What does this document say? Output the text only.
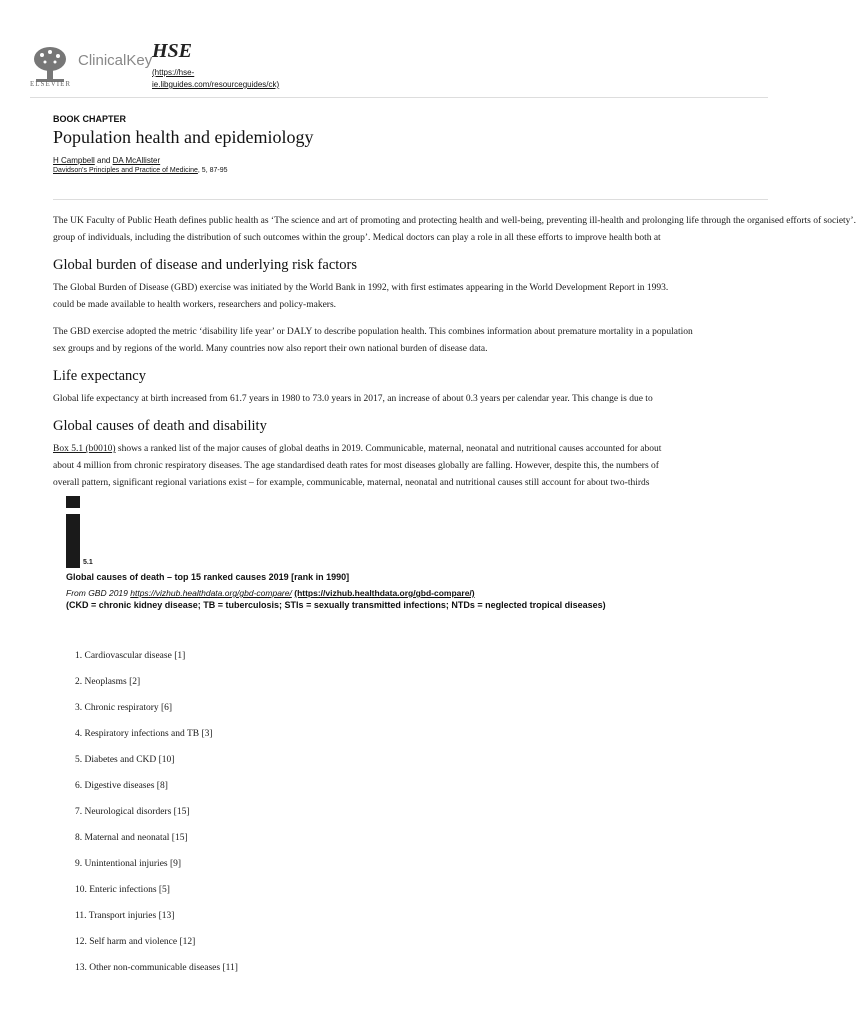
ELSEVIER
ClinicalKey HSE
(https://hse-ie.libguides.com/resourceguides/ck)
BOOK CHAPTER
Population health and epidemiology
H Campbell and DA McAllister
Davidson's Principles and Practice of Medicine, 5, 87-95

The UK Faculty of Public Heath defines public health as ‘The science and art of promoting and protecting health and well-being, preventing ill-health and prolonging life through the organised efforts of society’.
group of individuals, including the distribution of such outcomes within the group’. Medical doctors can play a role in all these efforts to improve health both at

Global burden of disease and underlying risk factors

The Global Burden of Disease (GBD) exercise was initiated by the World Bank in 1992, with first estimates appearing in the World Development Report in 1993.
could be made available to health workers, researchers and policy-makers.

The GBD exercise adopted the metric ‘disability life year’ or DALY to describe population health. This combines information about premature mortality in a population
sex groups and by regions of the world. Many countries now also report their own national burden of disease data.

Life expectancy

Global life expectancy at birth increased from 61.7 years in 1980 to 73.0 years in 2017, an increase of about 0.3 years per calendar year. This change is due to

Global causes of death and disability

Box 5.1 (b0010) shows a ranked list of the major causes of global deaths in 2019. Communicable, maternal, neonatal and nutritional causes accounted for about
about 4 million from chronic respiratory diseases. The age standardised death rates for most diseases globally are falling. However, despite this, the numbers of
overall pattern, significant regional variations exist – for example, communicable, maternal, neonatal and nutritional causes still account for about two-thirds

5.1
Global causes of death – top 15 ranked causes 2019 [rank in 1990]
From GBD 2019 https://vizhub.healthdata.org/gbd-compare/ (https://vizhub.healthdata.org/gbd-compare/)
(CKD = chronic kidney disease; TB = tuberculosis; STIs = sexually transmitted infections; NTDs = neglected tropical diseases)
1. Cardiovascular disease [1]
2. Neoplasms [2]
3. Chronic respiratory [6]
4. Respiratory infections and TB [3]
5. Diabetes and CKD [10]
6. Digestive diseases [8]
7. Neurological disorders [15]
8. Maternal and neonatal [15]
9. Unintentional injuries [9]
10. Enteric infections [5]
11. Transport injuries [13]
12. Self harm and violence [12]
13. Other non-communicable diseases [11]
